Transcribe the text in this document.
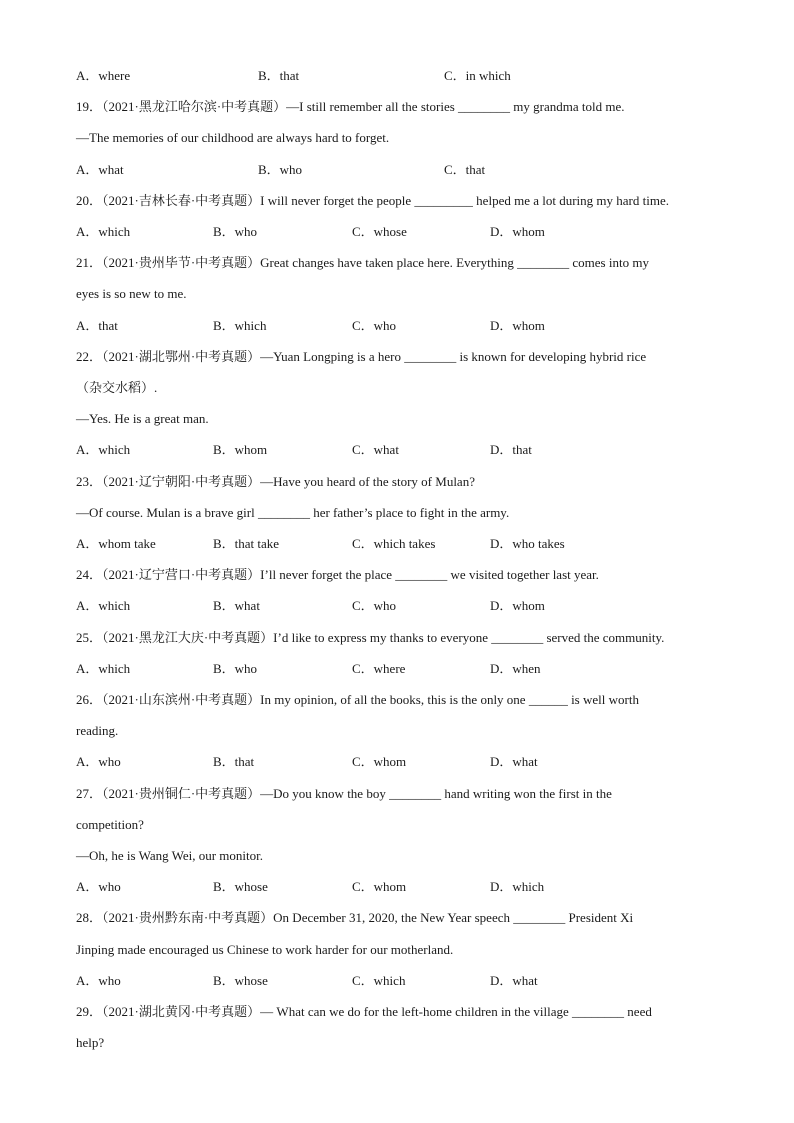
A．where	B．that	C．in which
19．（2021·黑龙江哈尔滨·中考真题）—I still remember all the stories ________ my grandma told me.
—The memories of our childhood are always hard to forget.
A．what	B．who	C．that
20．（2021·吉林长春·中考真题）I will never forget the people _________ helped me a lot during my hard time.
A．which	B．who	C．whose	D．whom
21．（2021·贵州毕节·中考真题）Great changes have taken place here. Everything ________ comes into my
eyes is so new to me.
A．that	B．which	C．who	D．whom
22．（2021·湖北鄂州·中考真题）—Yuan Longping is a hero ________ is known for developing hybrid rice
（杂交水稻）.
—Yes. He is a great man.
A．which	B．whom	C．what	D．that
23．（2021·辽宁朝阳·中考真题）—Have you heard of the story of Mulan?
—Of course. Mulan is a brave girl ________ her father’s place to fight in the army.
A．whom take	B．that take	C．which takes	D．who takes
24．（2021·辽宁营口·中考真题）I’ll never forget the place ________ we visited together last year.
A．which	B．what	C．who	D．whom
25．（2021·黑龙江大庆·中考真题）I’d like to express my thanks to everyone ________ served the community.
A．which	B．who	C．where	D．when
26．（2021·山东滨州·中考真题）In my opinion, of all the books, this is the only one ______ is well worth
reading.
A．who	B．that	C．whom	D．what
27．（2021·贵州铜仁·中考真题）—Do you know the boy ________ hand writing won the first in the
competition?
—Oh, he is Wang Wei, our monitor.
A．who	B．whose	C．whom	D．which
28．（2021·贵州黔东南·中考真题）On December 31, 2020, the New Year speech ________ President Xi
Jinping made encouraged us Chinese to work harder for our motherland.
A．who	B．whose	C．which	D．what
29．（2021·湖北黄冈·中考真题）— What can we do for the left-home children in the village ________ need
help?
